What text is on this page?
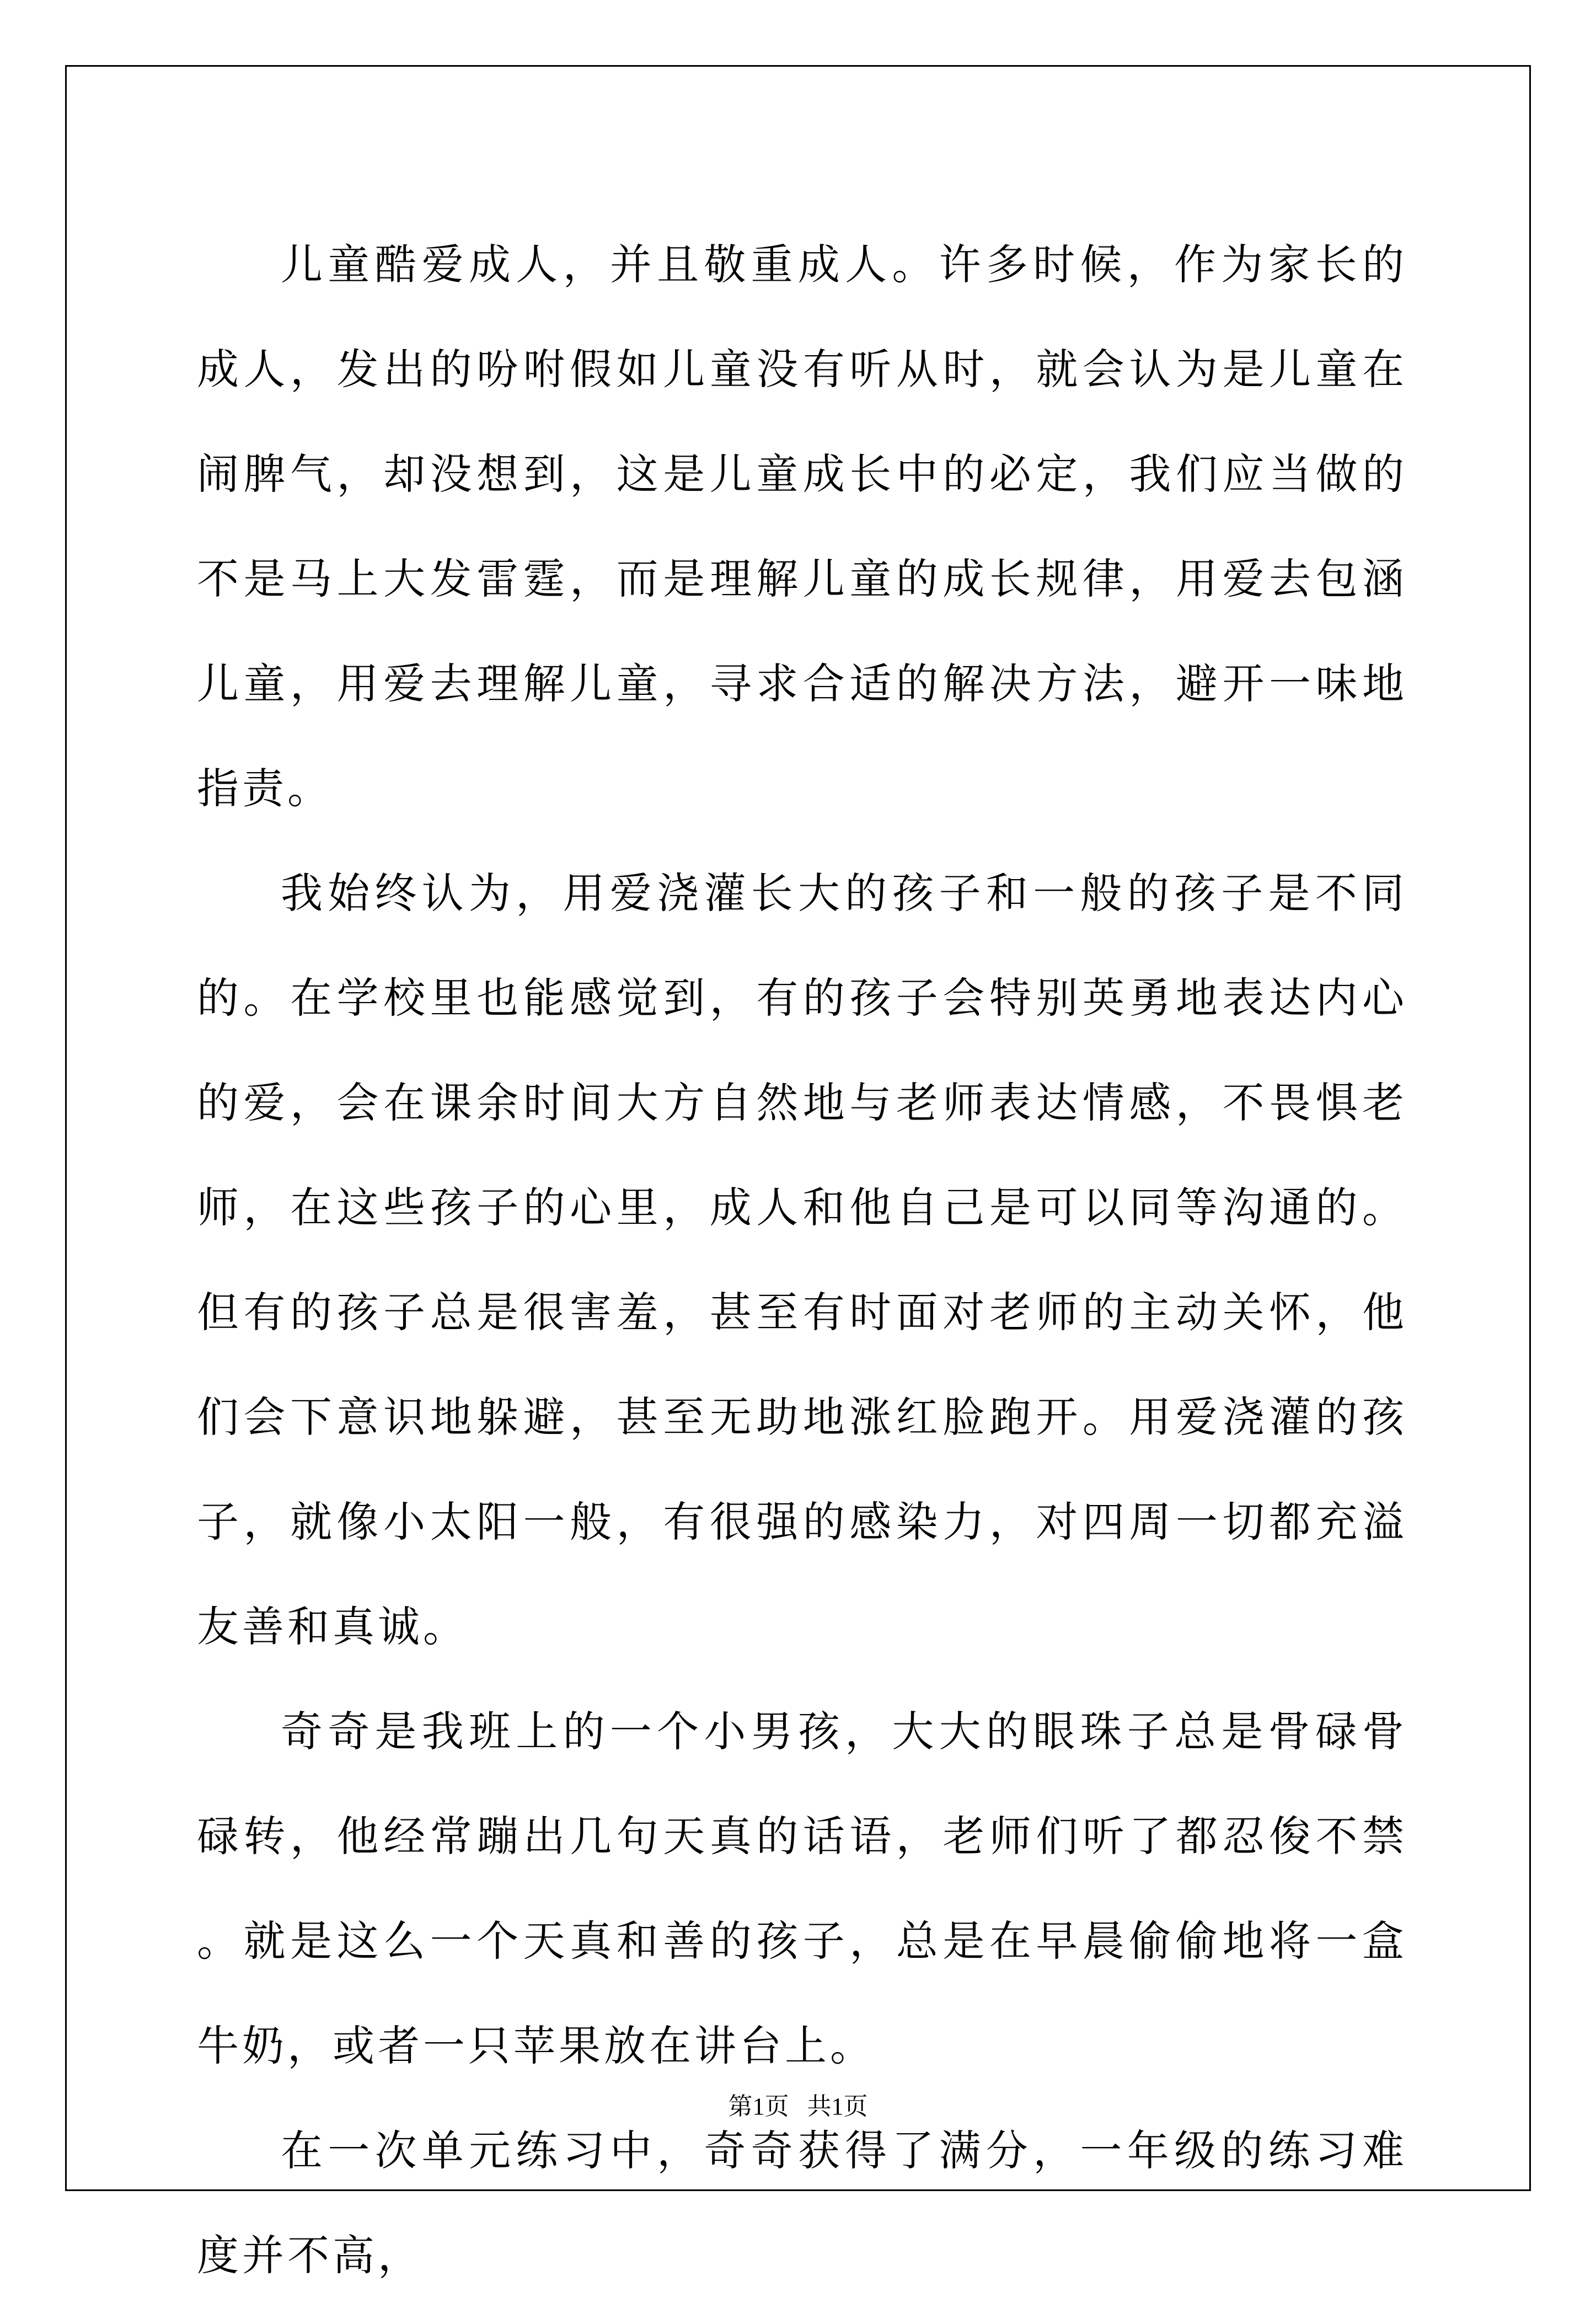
儿童酷爱成人，并且敬重成人。许多时候，作为家长的成人，发出的吩咐假如儿童没有听从时，就会认为是儿童在闹脾气，却没想到，这是儿童成长中的必定，我们应当做的不是马上大发雷霆，而是理解儿童的成长规律，用爱去包涵儿童，用爱去理解儿童，寻求合适的解决方法，避开一味地指责。

我始终认为，用爱浇灌长大的孩子和一般的孩子是不同的。在学校里也能感觉到，有的孩子会特别英勇地表达内心的爱，会在课余时间大方自然地与老师表达情感，不畏惧老师，在这些孩子的心里，成人和他自己是可以同等沟通的。但有的孩子总是很害羞，甚至有时面对老师的主动关怀，他们会下意识地躲避，甚至无助地涨红脸跑开。用爱浇灌的孩子，就像小太阳一般，有很强的感染力，对四周一切都充溢友善和真诚。

奇奇是我班上的一个小男孩，大大的眼珠子总是骨碌骨碌转，他经常蹦出几句天真的话语，老师们听了都忍俊不禁。就是这么一个天真和善的孩子，总是在早晨偷偷地将一盒牛奶，或者一只苹果放在讲台上。

在一次单元练习中，奇奇获得了满分，一年级的练习难度并不高，

第1页 共1页
